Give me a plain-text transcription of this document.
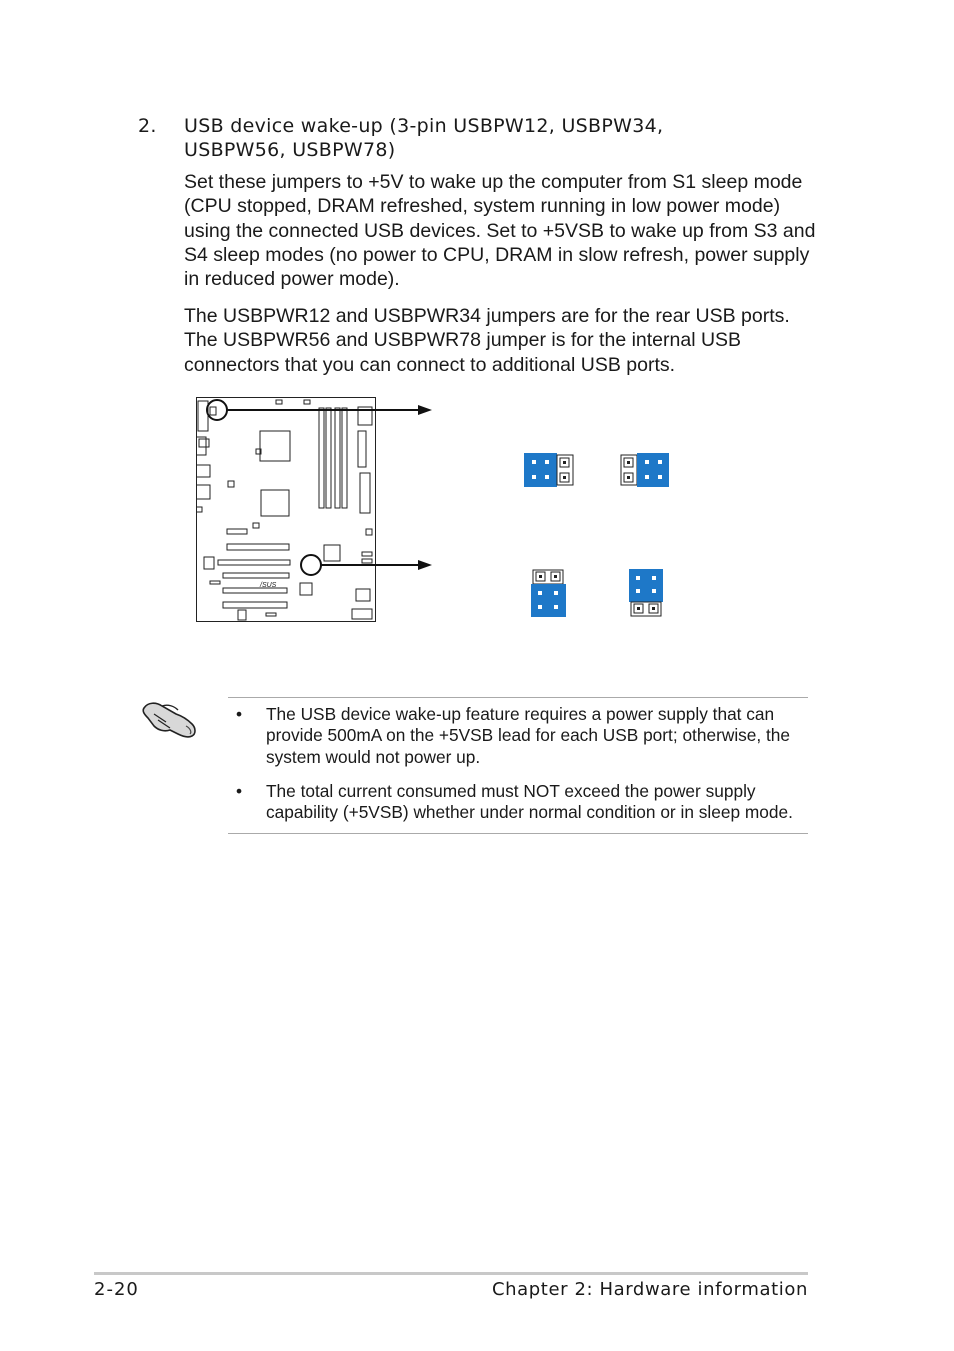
2. USB device wake-up (3-pin USBPW12, USBPW34, USBPW56, USBPW78)
Set these jumpers to +5V to wake up the computer from S1 sleep mode (CPU stopped, DRAM refreshed, system running in low power mode) using the connected USB devices. Set to +5VSB to wake up from S3 and S4 sleep modes (no power to CPU, DRAM in slow refresh, power supply in reduced power mode).
The USBPWR12 and USBPWR34 jumpers are for the rear USB ports. The USBPWR56 and USBPWR78 jumper is for the internal USB connectors that you can connect to additional USB ports.
/SUS
• The USB device wake-up feature requires a power supply that can provide 500mA on the +5VSB lead for each USB port; otherwise, the system would not power up.
• The total current consumed must NOT exceed the power supply capability (+5VSB) whether under normal condition or in sleep mode.
2-20	Chapter 2: Hardware information
